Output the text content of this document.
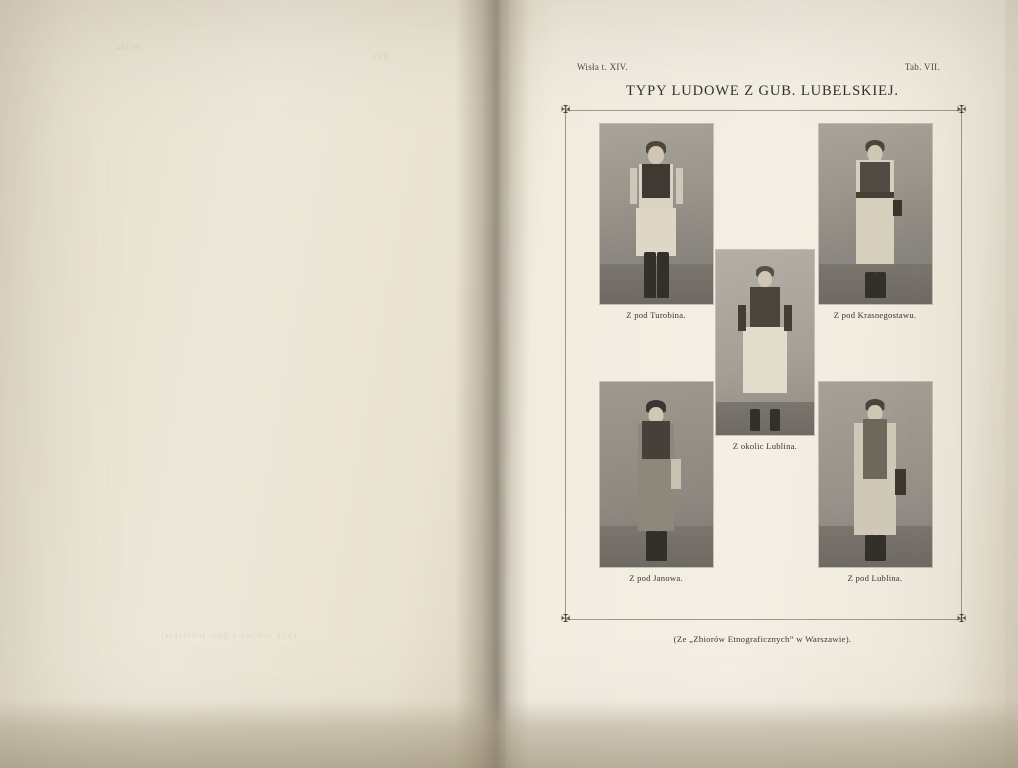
Wisła
XIV
Typy ludowe z gub. lubelskiej
.
Wisła t. XIV.	Tab. VII.
TYPY LUDOWE Z GUB. LUBELSKIEJ.
✠	✠
✠	✠
Z pod Turobina.	Z pod Krasnegostawu.
Z okolic Lublina.
Z pod Janowa.	Z pod Lublina.
(Ze „Zbiorów Etnograficznych” w Warszawie).
